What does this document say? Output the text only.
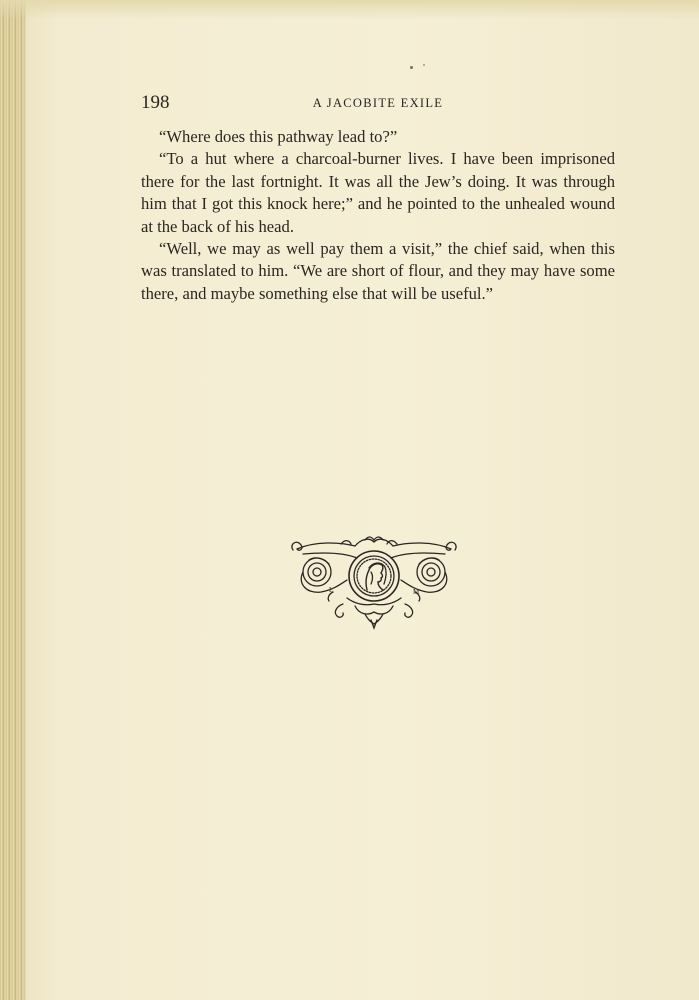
198	A JACOBITE EXILE

“Where does this pathway lead to?”

“To a hut where a charcoal-burner lives. I have been imprisoned there for the last fortnight. It was all the Jew’s doing. It was through him that I got this knock here;” and he pointed to the unhealed wound at the back of his head.

“Well, we may as well pay them a visit,” the chief said, when this was translated to him. “We are short of flour, and they may have some there, and maybe something else that will be useful.”

L	M
